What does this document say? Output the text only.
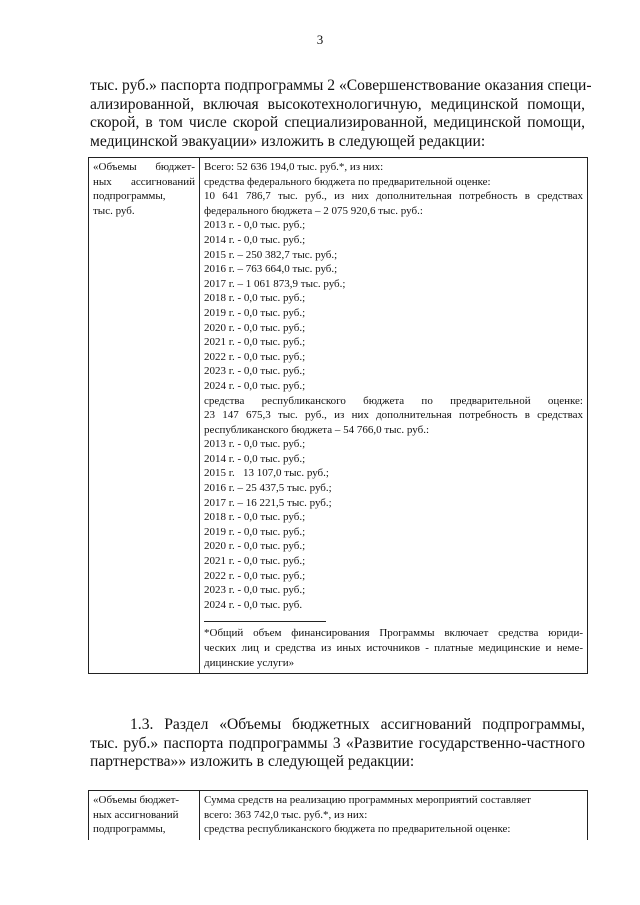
3
тыс. руб.» паспорта подпрограммы 2 «Совершенствование оказания специ-
ализированной, включая высокотехнологичную, медицинской помощи,
скорой, в том числе скорой специализированной, медицинской помощи,
медицинской эвакуации» изложить в следующей редакции:
«Объемы бюджет-
ных ассигнований
подпрограммы,
тыс. руб.

Всего: 52 636 194,0 тыс. руб.*, из них:
средства федерального бюджета по предварительной оценке:
10 641 786,7 тыс. руб., из них дополнительная потребность в средствах
федерального бюджета – 2 075 920,6 тыс. руб.:
2013 г. - 0,0 тыс. руб.;
2014 г. - 0,0 тыс. руб.;
2015 г. – 250 382,7 тыс. руб.;
2016 г. – 763 664,0 тыс. руб.;
2017 г. – 1 061 873,9 тыс. руб.;
2018 г. - 0,0 тыс. руб.;
2019 г. - 0,0 тыс. руб.;
2020 г. - 0,0 тыс. руб.;
2021 г. - 0,0 тыс. руб.;
2022 г. - 0,0 тыс. руб.;
2023 г. - 0,0 тыс. руб.;
2024 г. - 0,0 тыс. руб.;
средства республиканского бюджета по предварительной оценке:
23 147 675,3 тыс. руб., из них дополнительная потребность в средствах
республиканского бюджета – 54 766,0 тыс. руб.:
2013 г. - 0,0 тыс. руб.;
2014 г. - 0,0 тыс. руб.;
2015 г.   13 107,0 тыс. руб.;
2016 г. – 25 437,5 тыс. руб.;
2017 г. – 16 221,5 тыс. руб.;
2018 г. - 0,0 тыс. руб.;
2019 г. - 0,0 тыс. руб.;
2020 г. - 0,0 тыс. руб.;
2021 г. - 0,0 тыс. руб.;
2022 г. - 0,0 тыс. руб.;
2023 г. - 0,0 тыс. руб.;
2024 г. - 0,0 тыс. руб.
*Общий объем финансирования Программы включает средства юриди-
ческих лиц и средства из иных источников - платные медицинские и неме-
дицинские услуги»
1.3. Раздел «Объемы бюджетных ассигнований подпрограммы,
тыс. руб.» паспорта подпрограммы 3 «Развитие государственно-частного
партнерства»» изложить в следующей редакции:
«Объемы бюджет-
ных ассигнований
подпрограммы,

Сумма средств на реализацию программных мероприятий составляет
всего: 363 742,0 тыс. руб.*, из них:
средства республиканского бюджета по предварительной оценке:
